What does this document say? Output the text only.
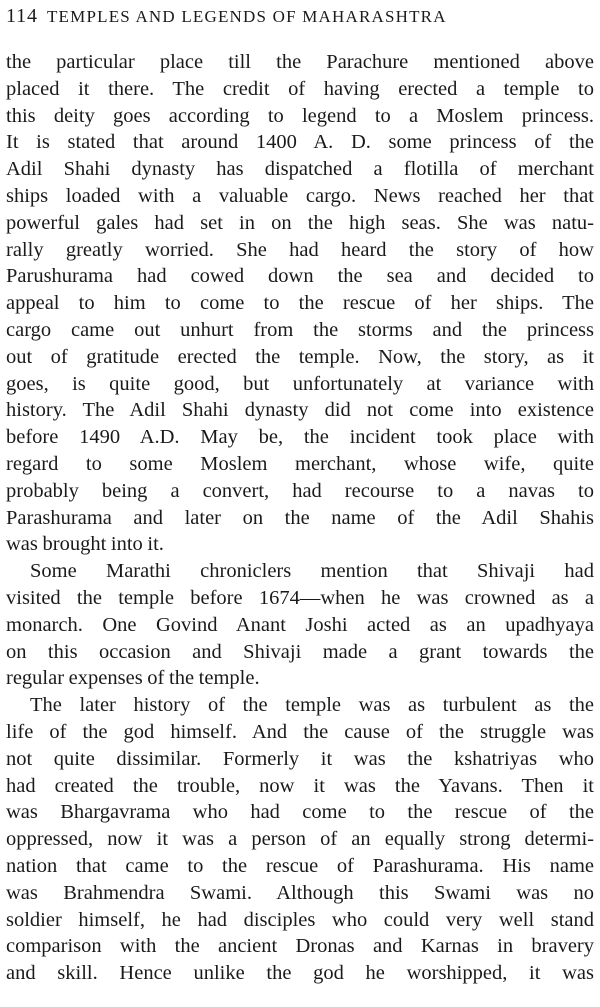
114 TEMPLES AND LEGENDS OF MAHARASHTRA
the particular place till the Parachure mentioned above
placed it there. The credit of having erected a temple to
this deity goes according to legend to a Moslem princess.
It is stated that around 1400 A. D. some princess of the
Adil Shahi dynasty has dispatched a flotilla of merchant
ships loaded with a valuable cargo. News reached her that
powerful gales had set in on the high seas. She was natu-
rally greatly worried. She had heard the story of how
Parushurama had cowed down the sea and decided to
appeal to him to come to the rescue of her ships. The
cargo came out unhurt from the storms and the princess
out of gratitude erected the temple. Now, the story, as it
goes, is quite good, but unfortunately at variance with
history. The Adil Shahi dynasty did not come into existence
before 1490 A.D. May be, the incident took place with
regard to some Moslem merchant, whose wife, quite
probably being a convert, had recourse to a navas to
Parashurama and later on the name of the Adil Shahis
was brought into it.
Some Marathi chroniclers mention that Shivaji had
visited the temple before 1674—when he was crowned as a
monarch. One Govind Anant Joshi acted as an upadhyaya
on this occasion and Shivaji made a grant towards the
regular expenses of the temple.
The later history of the temple was as turbulent as the
life of the god himself. And the cause of the struggle was
not quite dissimilar. Formerly it was the kshatriyas who
had created the trouble, now it was the Yavans. Then it
was Bhargavrama who had come to the rescue of the
oppressed, now it was a person of an equally strong determi-
nation that came to the rescue of Parashurama. His name
was Brahmendra Swami. Although this Swami was no
soldier himself, he had disciples who could very well stand
comparison with the ancient Dronas and Karnas in bravery
and skill. Hence unlike the god he worshipped, it was
